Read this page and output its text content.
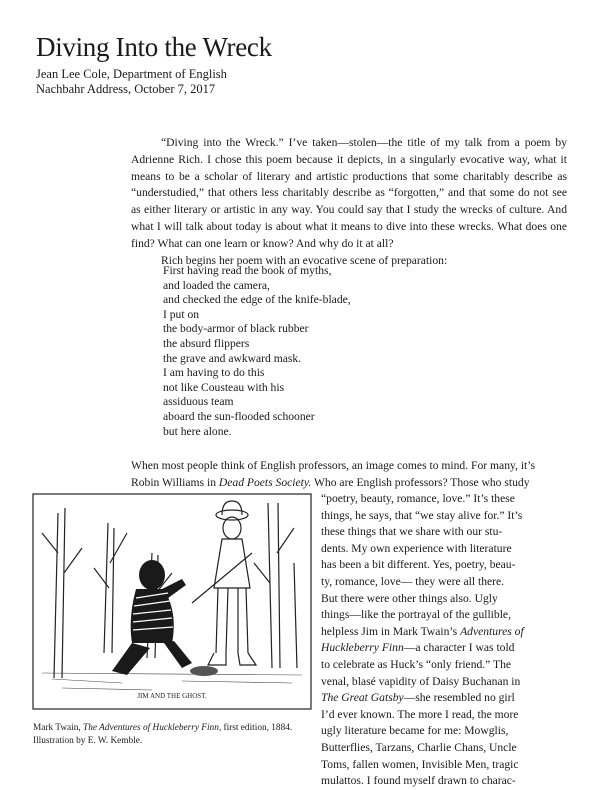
Diving Into the Wreck
Jean Lee Cole, Department of English
Nachbahr Address, October 7, 2017

“Diving into the Wreck.” I’ve taken—stolen—the title of my talk from a poem by Adrienne Rich. I chose this poem because it depicts, in a singularly evocative way, what it means to be a scholar of literary and artistic productions that some charitably describe as “understudied,” that others less charitably describe as “forgotten,” and that some do not see as either literary or artistic in any way. You could say that I study the wrecks of culture. And what I will talk about today is about what it means to dive into these wrecks. What does one find? What can one learn or know? And why do it at all?

Rich begins her poem with an evocative scene of preparation:

First having read the book of myths,
and loaded the camera,
and checked the edge of the knife-blade,
I put on
the body-armor of black rubber
the absurd flippers
the grave and awkward mask.
I am having to do this
not like Cousteau with his
assiduous team
aboard the sun-flooded schooner
but here alone.
When most people think of English professors, an image comes to mind. For many, it’s
Robin Williams in Dead Poets Society. Who are English professors? Those who study
“poetry, beauty, romance, love.” It’s these
things, he says, that “we stay alive for.” It’s
these things that we share with our stu-
dents. My own experience with literature
has been a bit different. Yes, poetry, beau-
ty, romance, love— they were all there.
But there were other things also. Ugly
things—like the portrayal of the gullible,
helpless Jim in Mark Twain’s Adventures of
Huckleberry Finn—a character I was told
to celebrate as Huck’s “only friend.” The
venal, blasé vapidity of Daisy Buchanan in
The Great Gatsby—she resembled no girl
I’d ever known. The more I read, the more
ugly literature became for me: Mowglis,
Butterflies, Tarzans, Charlie Chans, Uncle
Toms, fallen women, Invisible Men, tragic
mulattos. I found myself drawn to charac-
JIM AND THE GHOST.
Mark Twain, The Adventures of Huckleberry Finn, first edition, 1884.
Illustration by E. W. Kemble.
